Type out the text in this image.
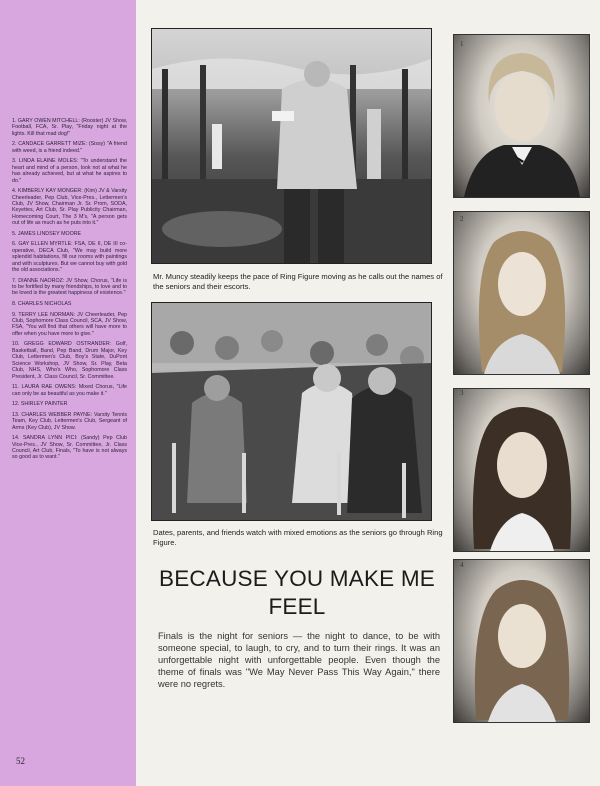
1. GARY OWEN MITCHELL: (Rooster) JV Show, Football, FCA, Sr. Play, "Friday night at the lights. Kill that mad dog!"

2. CANDACE GARRETT MIZE: (Sissy) "A friend with weed, is a friend indeed."

3. LINDA ELAINE MOLES: "To understand the heart and mind of a person, look not at what he has already achieved, but at what he aspires to do."

4. KIMBERLY KAY MONGER: (Kim) JV & Varsity Cheerleader, Pep Club, Vice-Pres., Lettermen's Club, JV Show, Chairman Jr. Sr. Prom, SODA, Keyettes, Art Club, Sr. Play Publicity Chairman, Homecoming Court, The 3 M's, "A person gets out of life as much as he puts into it."

5. JAMES LINDSEY MOORE

6. GAY ELLEN MYRTLE: FSA, DE II, DE III co-operative, DECA Club, "We may build more splendid habitations, fill our rooms with paintings and with sculptures. But we cannot buy with gold the old associations."

7. DIANNE NAOROZ: JV Show, Chorus, "Life is to be fortified by many friendships, to love and to be loved is the greatest happiness of existence."

8. CHARLES NICHOLAS

9. TERRY LEE NORMAN: JV Cheerleader, Pep Club, Sophomore Class Council, SCA, JV Show, FSA, "You will find that others will have more to offer when you have more to give."

10. GREGG EDWARD OSTRANDER: Golf, Basketball, Band, Pep Band, Drum Major, Key Club, Lettermen's Club, Boy's State, DuPont Science Workshop, JV Show, Sr. Play, Beta Club, NHS, Who's Who, Sophomore Class President, Jr. Class Council, Sr. Committee.

11. LAURA RAE OWENS: Mixed Chorus, "Life can only be as beautiful as you make it."

12. SHIRLEY PAINTER

13. CHARLES WEBBER PAYNE: Varsity Tennis Team, Key Club, Lettermen's Club, Sergeant of Arms (Key Club), JV Show.

14. SANDRA LYNN PICI: (Sandy) Pep Club Vice-Pres., JV Show, Sr. Committee, Jr. Class Council, Art Club, Finals, "To have is not always so good as to want."

52
Mr. Muncy steadily keeps the pace of Ring Figure moving as he calls out the names of the seniors and their escorts.
Dates, parents, and friends watch with mixed emotions as the seniors go through Ring Figure.
BECAUSE YOU MAKE ME
FEEL
Finals is the night for seniors — the night to dance, to be with someone special, to laugh, to cry, and to turn their rings. It was an unforgettable night with unforgettable people. Even though the theme of finals was "We May Never Pass This Way Again," there were no regrets.
1
2
3
4
